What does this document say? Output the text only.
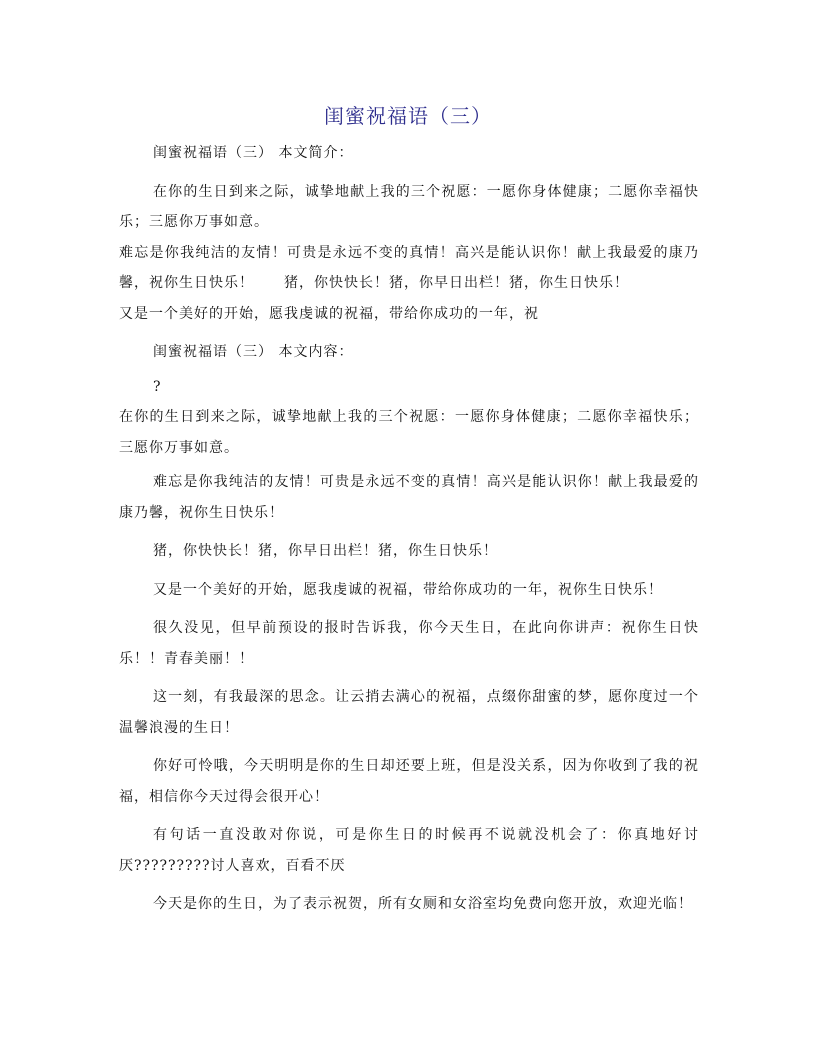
闺蜜祝福语（三）

闺蜜祝福语（三） 本文简介：

在你的生日到来之际，诚挚地献上我的三个祝愿：一愿你身体健康；二愿你幸福快乐；三愿你万事如意。

难忘是你我纯洁的友情！可贵是永远不变的真情！高兴是能认识你！献上我最爱的康乃馨，祝你生日快乐！　　猪，你快快长！猪，你早日出栏！猪，你生日快乐！

又是一个美好的开始，愿我虔诚的祝福，带给你成功的一年，祝

闺蜜祝福语（三） 本文内容：

?

在你的生日到来之际，诚挚地献上我的三个祝愿：一愿你身体健康；二愿你幸福快乐；三愿你万事如意。

难忘是你我纯洁的友情！可贵是永远不变的真情！高兴是能认识你！献上我最爱的康乃馨，祝你生日快乐！

猪，你快快长！猪，你早日出栏！猪，你生日快乐！

又是一个美好的开始，愿我虔诚的祝福，带给你成功的一年，祝你生日快乐！

很久没见，但早前预设的报时告诉我，你今天生日，在此向你讲声：祝你生日快乐！！青春美丽！！

这一刻，有我最深的思念。让云捎去满心的祝福，点缀你甜蜜的梦，愿你度过一个温馨浪漫的生日！

你好可怜哦，今天明明是你的生日却还要上班，但是没关系，因为你收到了我的祝福，相信你今天过得会很开心！

有句话一直没敢对你说，可是你生日的时候再不说就没机会了：你真地好讨厌?????????讨人喜欢，百看不厌

今天是你的生日，为了表示祝贺，所有女厕和女浴室均免费向您开放，欢迎光临！
